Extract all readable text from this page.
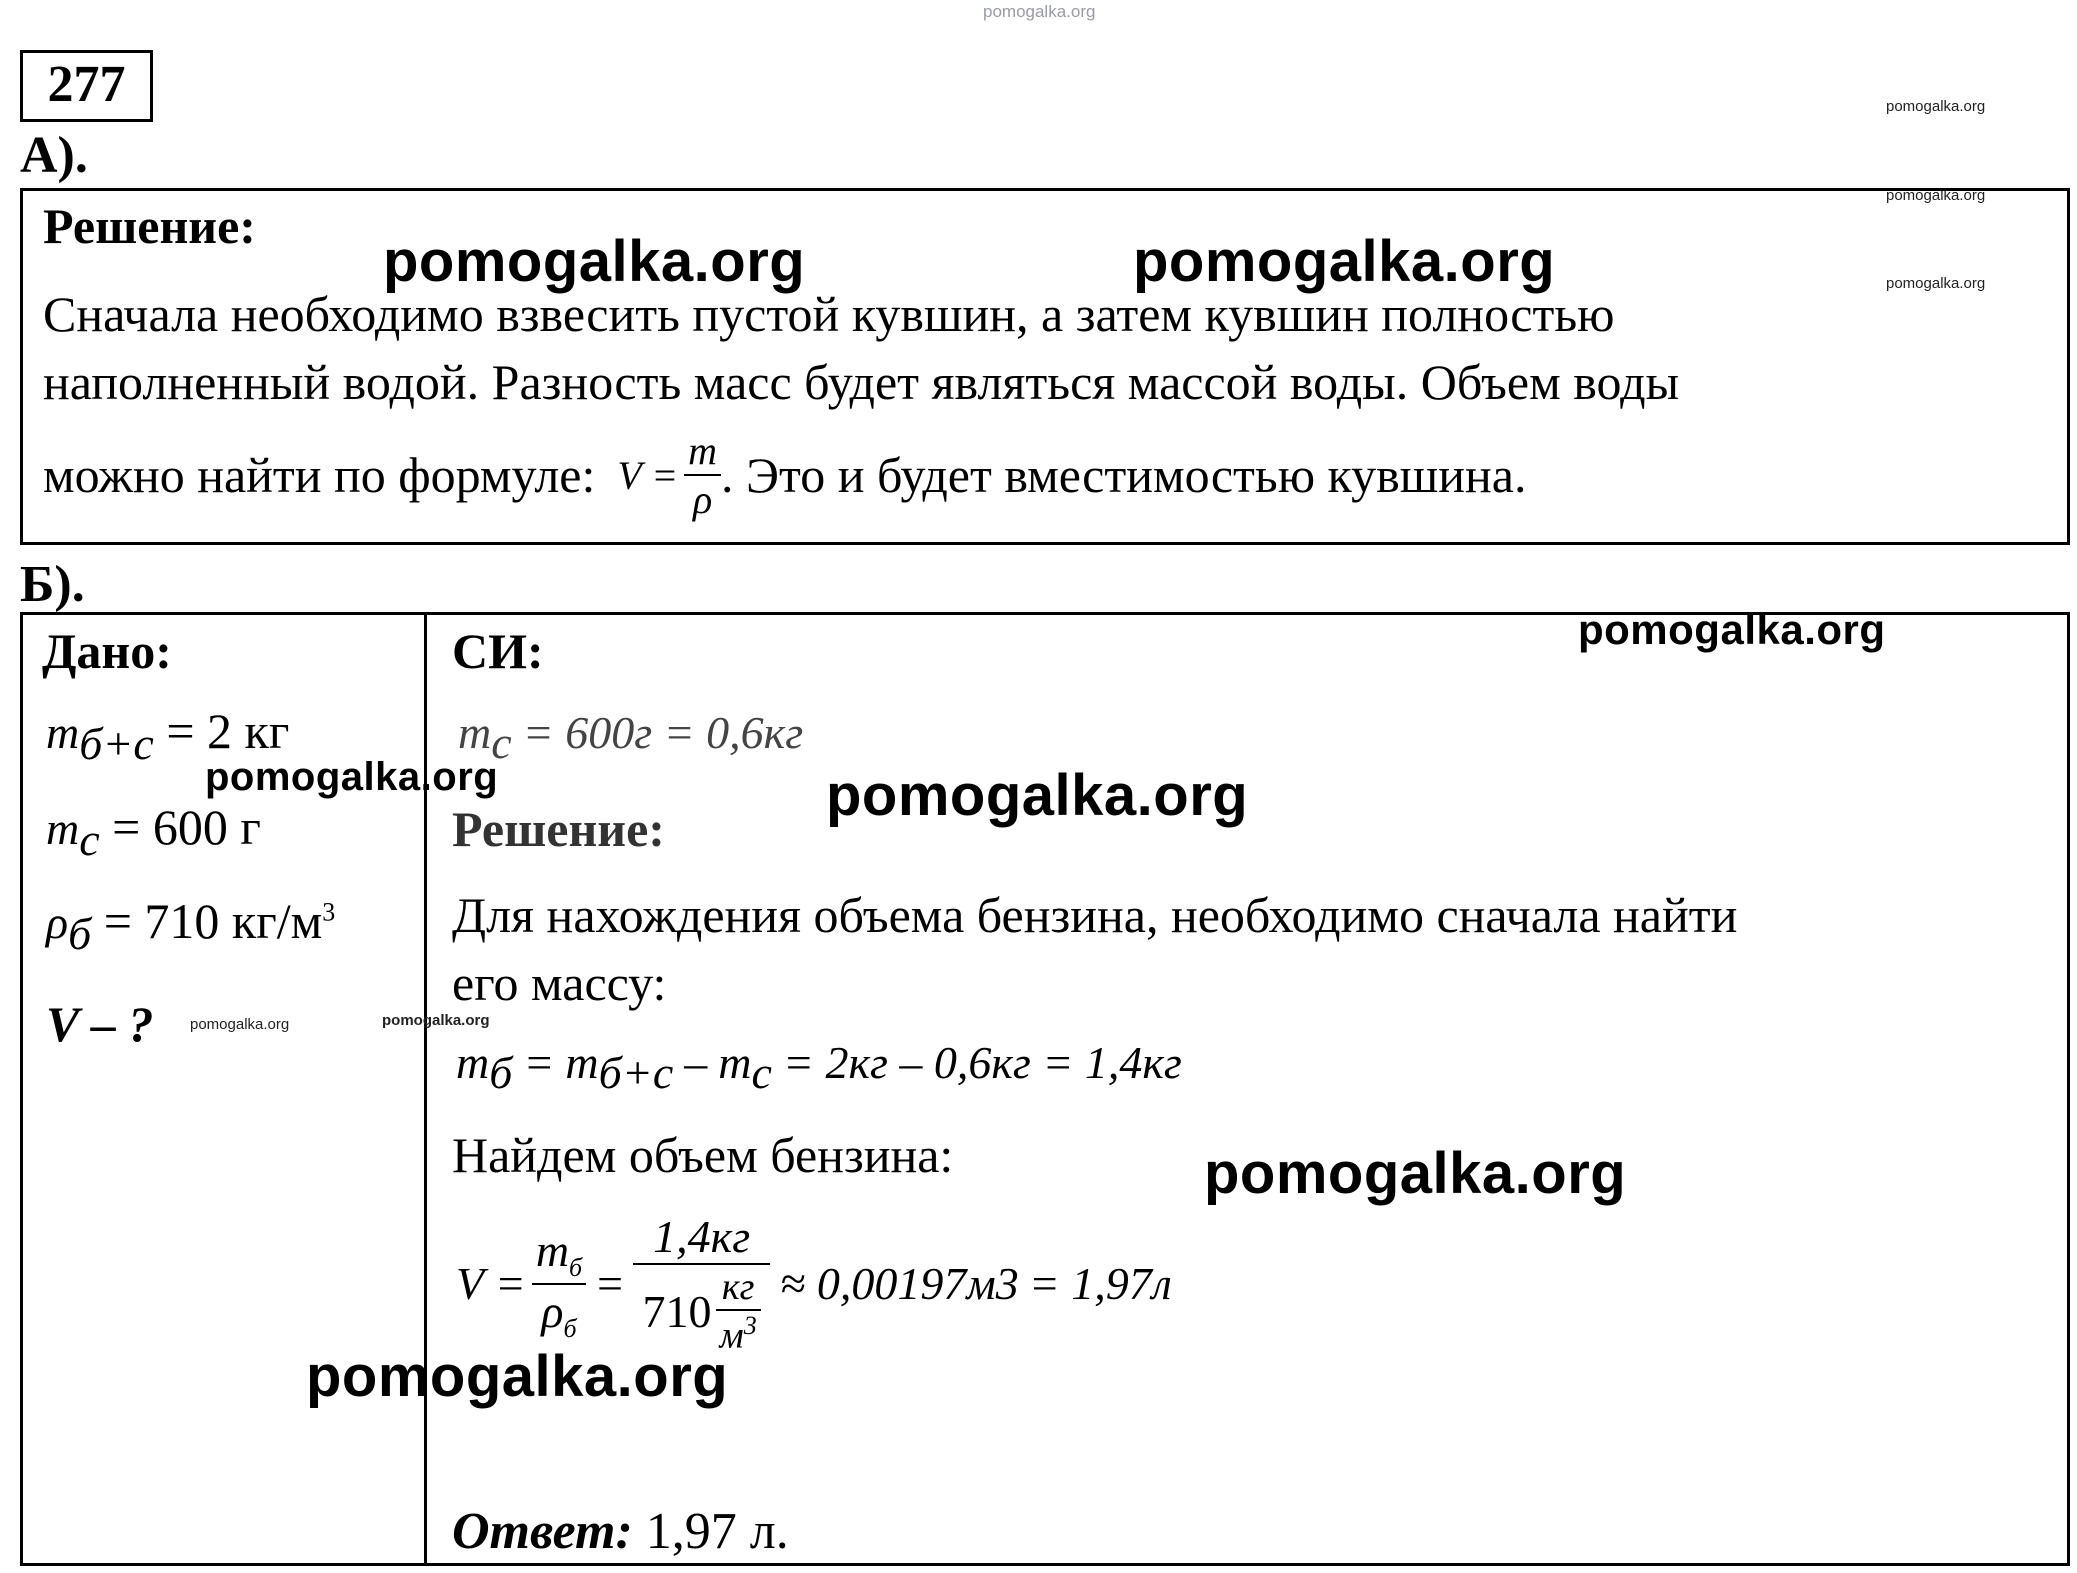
pomogalka.org
277	pomogalka.org
pomogalka.org
pomogalka.org
А).
Решение:
Сначала необходимо взвесить пустой кувшин, а затем кувшин полностью
наполненный водой. Разность масс будет являться массой воды. Объем воды
можно найти по формуле: $V = \frac{m}{\rho}$ . Это и будет вместимостью кувшина.
pomogalka.org	pomogalka.org
Б).
Дано:
$m_{б+с} = 2$ кг
$m_с = 600$ г
$\rho_б = 710$ $кг/м^3$
V – ? pomogalka.org	pomogalka.org
pomogalka.org
СИ:
$m_с = 600г = 0,6кг$
Решение:
Для нахождения объема бензина, необходимо сначала найти
его массу:
$m_б = m_{б+с} - m_с = 2кг - 0,6кг = 1,4кг$
Найдем объем бензина:
$V = \frac{m_б}{\rho_б} = \frac{1,4кг}{710 \frac{кг}{м^3}} \approx 0,00197м$ 3 = 1,97л
Ответ: 1,97 л.
pomogalka.org
pomogalka.org
pomogalka.org
pomogalka.org
